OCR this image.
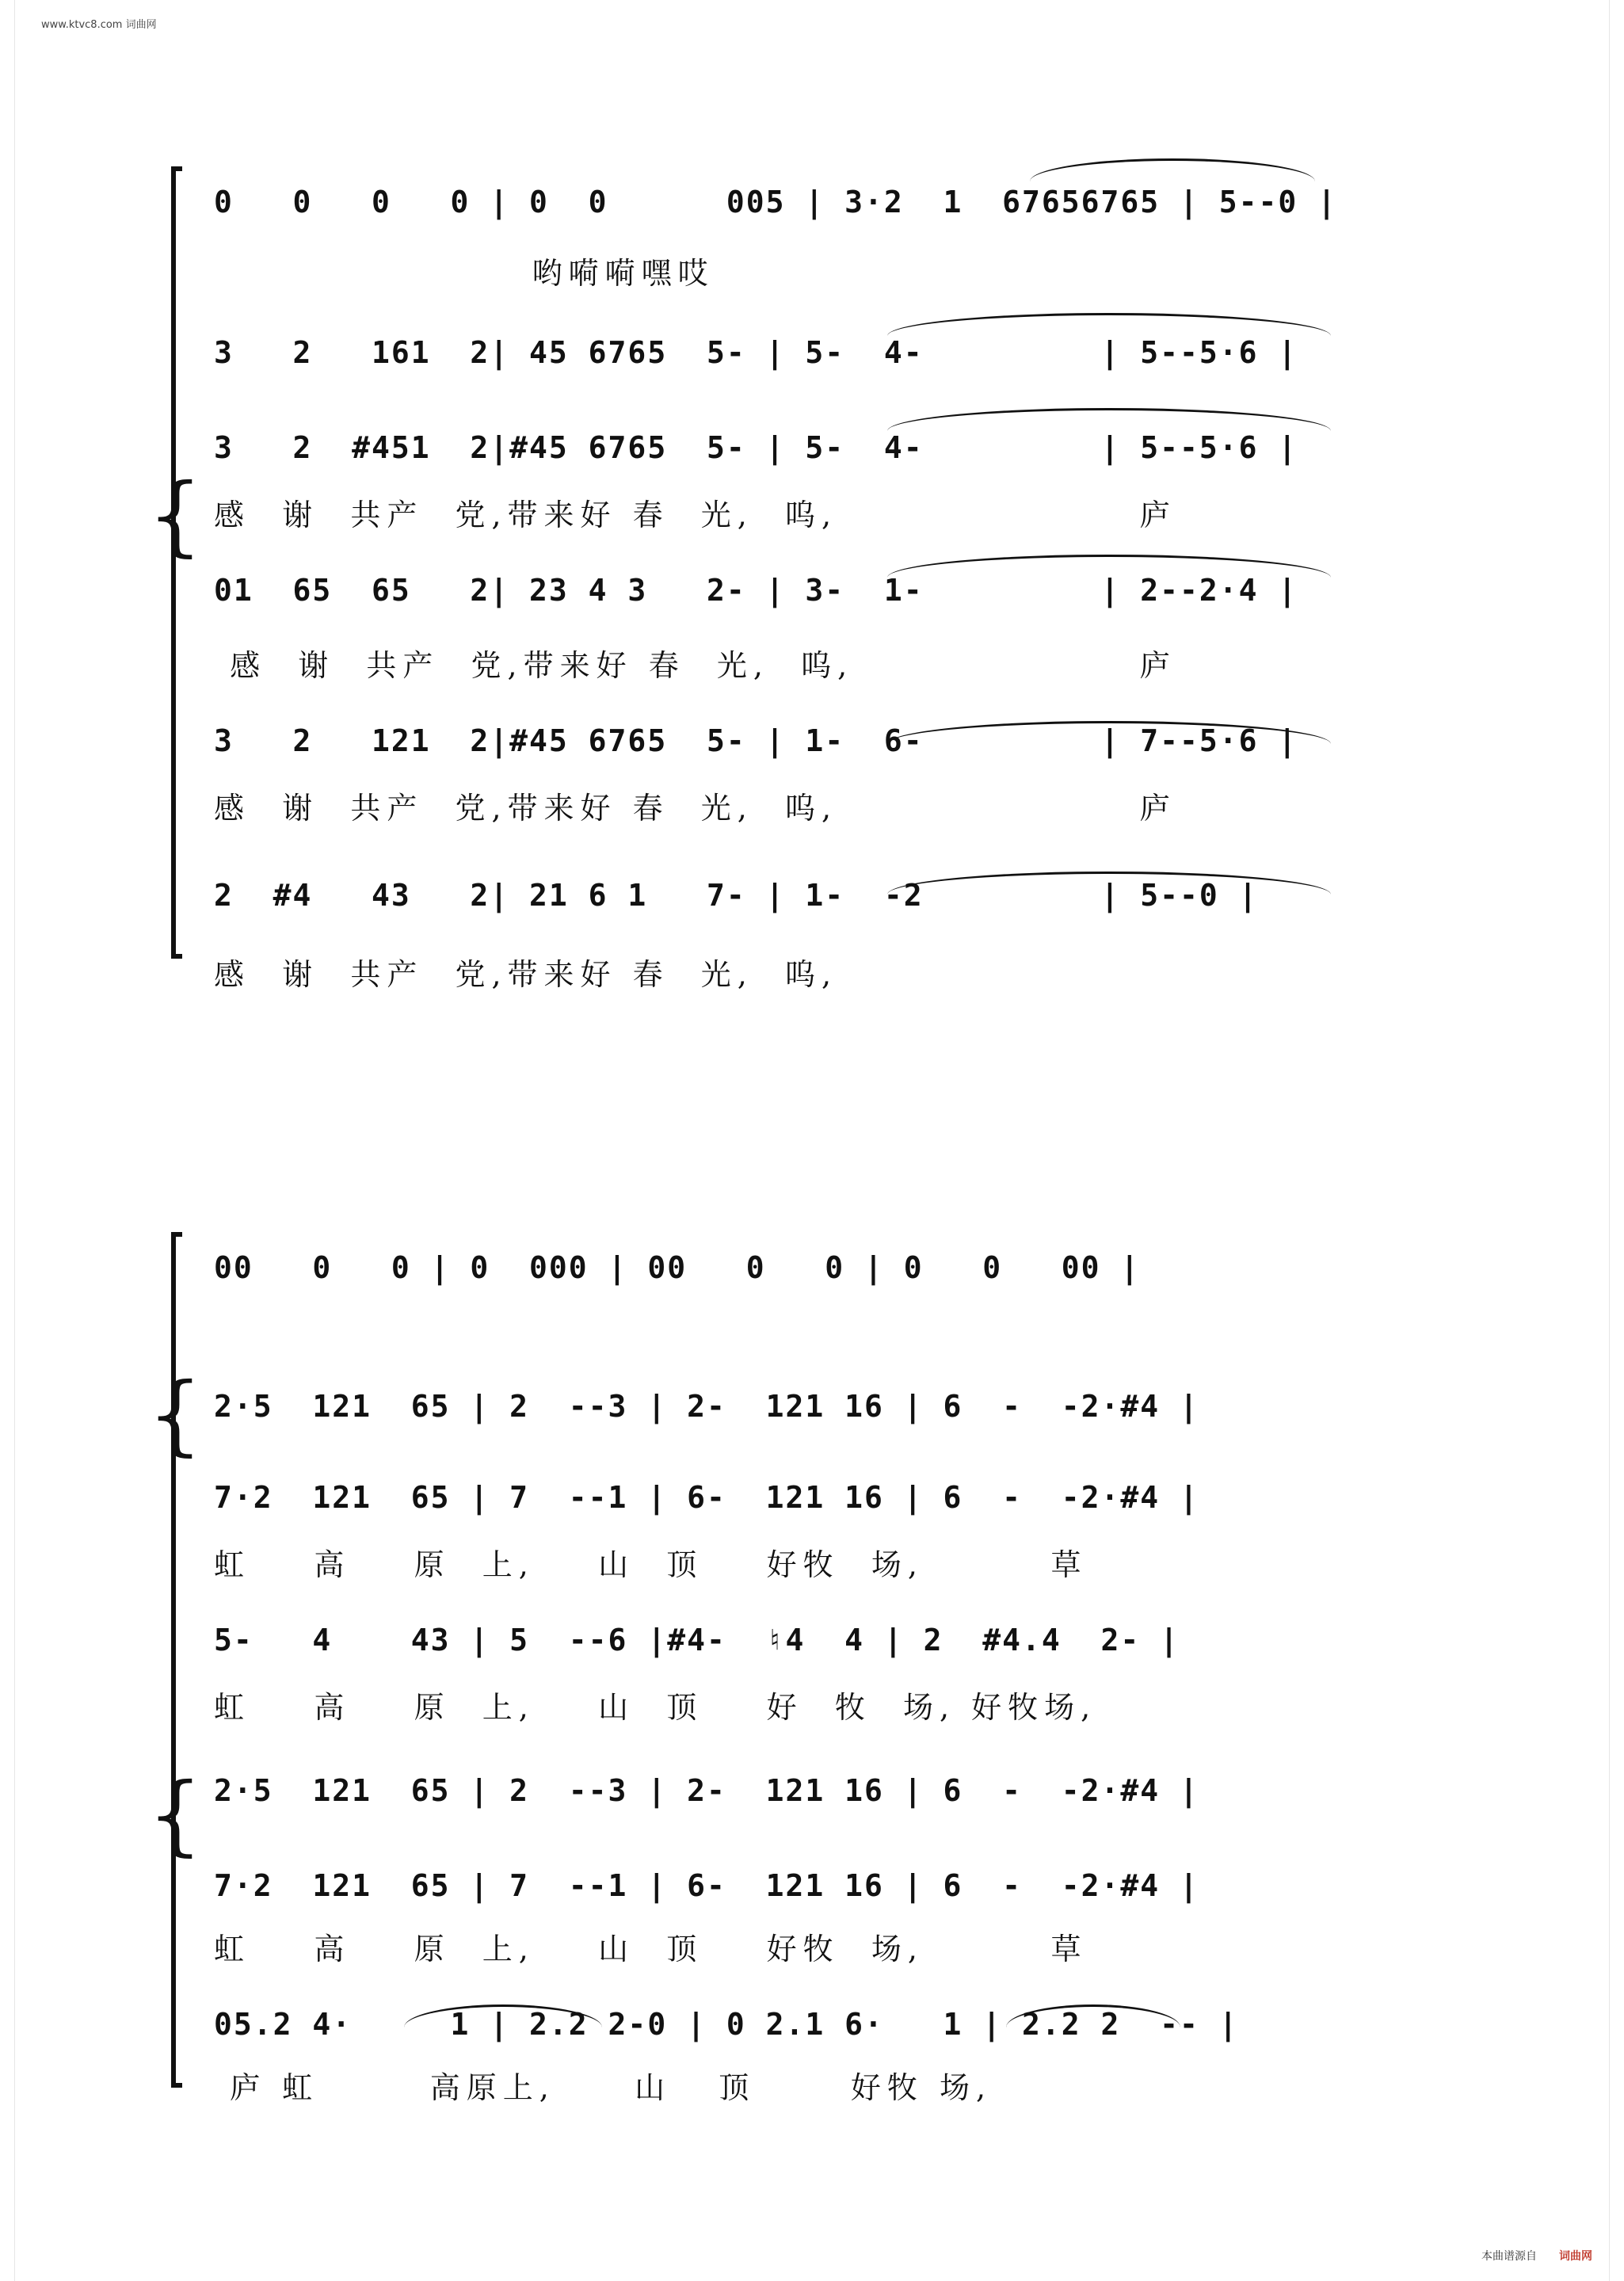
www.ktvc8.com 词曲网
{
0   0   0   0 | 0  0      005 | 3·2  1  67656765 | 5--0 |
哟嗬嗬嘿哎
3   2   161  2| 45 6765  5- | 5-  4-         | 5--5·6 |
3   2  #451  2|#45 6765  5- | 5-  4-         | 5--5·6 |
感  谢  共产  党,带来好 春  光,  呜,                   庐
01  65  65   2| 23 4 3   2- | 3-  1-         | 2--2·4 |
感  谢  共产  党,带来好 春  光,  呜,                  庐
3   2   121  2|#45 6765  5- | 1-  6-         | 7--5·6 |
感  谢  共产  党,带来好 春  光,  呜,                   庐
2  #4   43   2| 21 6 1   7- | 1-  -2         | 5--0 |
感  谢  共产  党,带来好 春  光,  呜,
{
{
00   0   0 | 0  000 | 00   0   0 | 0   0   00 |
2·5  121  65 | 2  --3 | 2-  121 16 | 6  -  -2·#4 |
7·2  121  65 | 7  --1 | 6-  121 16 | 6  -  -2·#4 |
虹    高    原  上,    山  顶    好牧  场,        草
5-   4    43 | 5  --6 |#4-  ♮4  4 | 2  #4.4  2- |
虹    高    原  上,    山  顶    好  牧  场, 好牧场,
2·5  121  65 | 2  --3 | 2-  121 16 | 6  -  -2·#4 |
7·2  121  65 | 7  --1 | 6-  121 16 | 6  -  -2·#4 |
虹    高    原  上,    山  顶    好牧  场,        草
05.2 4·     1 | 2.2 2-0 | 0 2.1 6·   1 | 2.2 2  -- |
庐 虹       高原上,     山   顶      好牧 场,
本曲谱源自 词曲网
